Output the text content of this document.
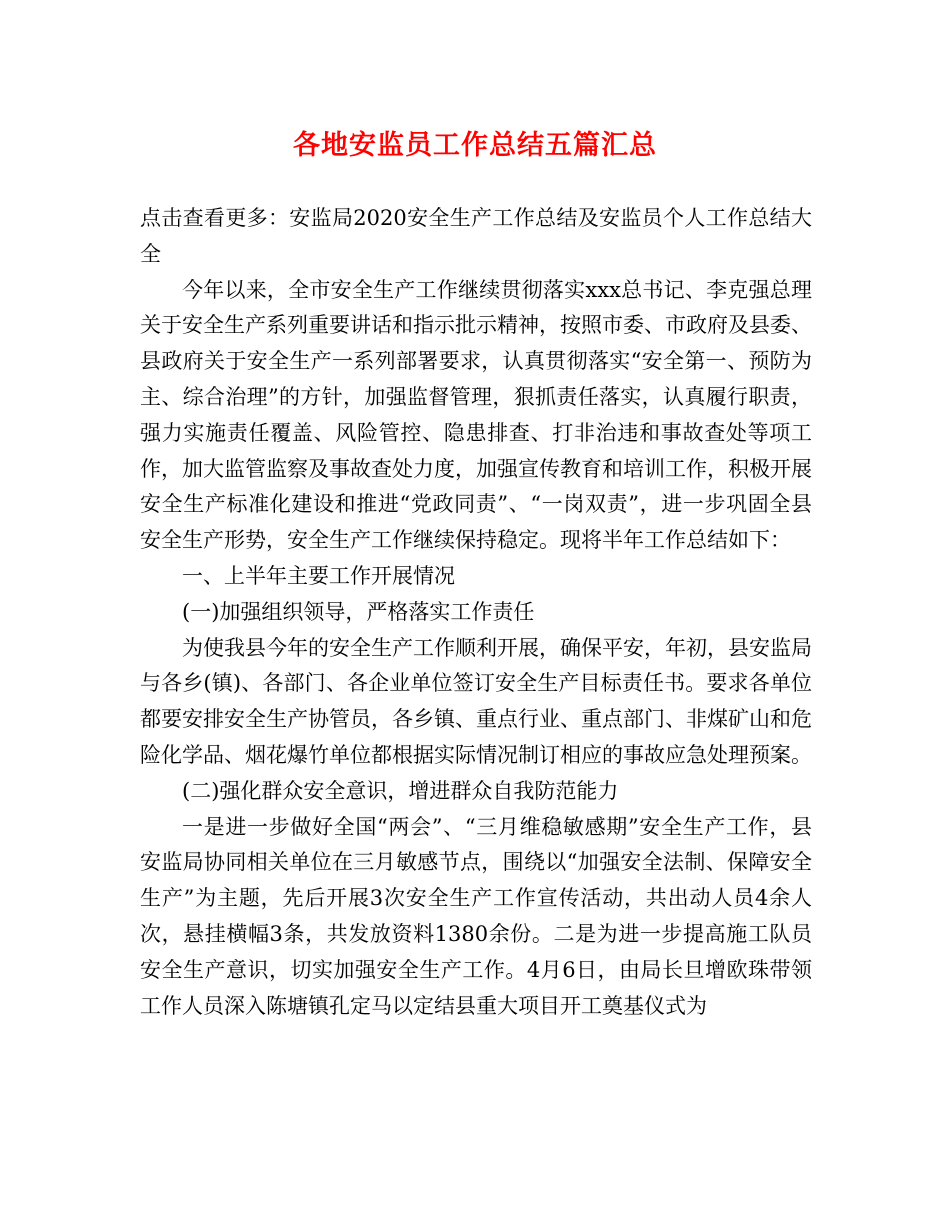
各地安监员工作总结五篇汇总

点击查看更多：安监局2020安全生产工作总结及安监员个人工作总结大全

今年以来，全市安全生产工作继续贯彻落实xxx总书记、李克强总理关于安全生产系列重要讲话和指示批示精神，按照市委、市政府及县委、县政府关于安全生产一系列部署要求，认真贯彻落实“安全第一、预防为主、综合治理”的方针，加强监督管理，狠抓责任落实，认真履行职责，强力实施责任覆盖、风险管控、隐患排查、打非治违和事故查处等项工作，加大监管监察及事故查处力度，加强宣传教育和培训工作，积极开展安全生产标准化建设和推进“党政同责”、“一岗双责”，进一步巩固全县安全生产形势，安全生产工作继续保持稳定。现将半年工作总结如下：

一、上半年主要工作开展情况

(一)加强组织领导，严格落实工作责任

为使我县今年的安全生产工作顺利开展，确保平安，年初，县安监局与各乡(镇)、各部门、各企业单位签订安全生产目标责任书。要求各单位都要安排安全生产协管员，各乡镇、重点行业、重点部门、非煤矿山和危险化学品、烟花爆竹单位都根据实际情况制订相应的事故应急处理预案。

(二)强化群众安全意识，增进群众自我防范能力

一是进一步做好全国“两会”、“三月维稳敏感期”安全生产工作，县安监局协同相关单位在三月敏感节点，围绕以“加强安全法制、保障安全生产”为主题，先后开展3次安全生产工作宣传活动，共出动人员4余人次，悬挂横幅3条，共发放资料1380余份。二是为进一步提高施工队员安全生产意识，切实加强安全生产工作。4月6日，由局长旦增欧珠带领工作人员深入陈塘镇孔定马以定结县重大项目开工奠基仪式为
